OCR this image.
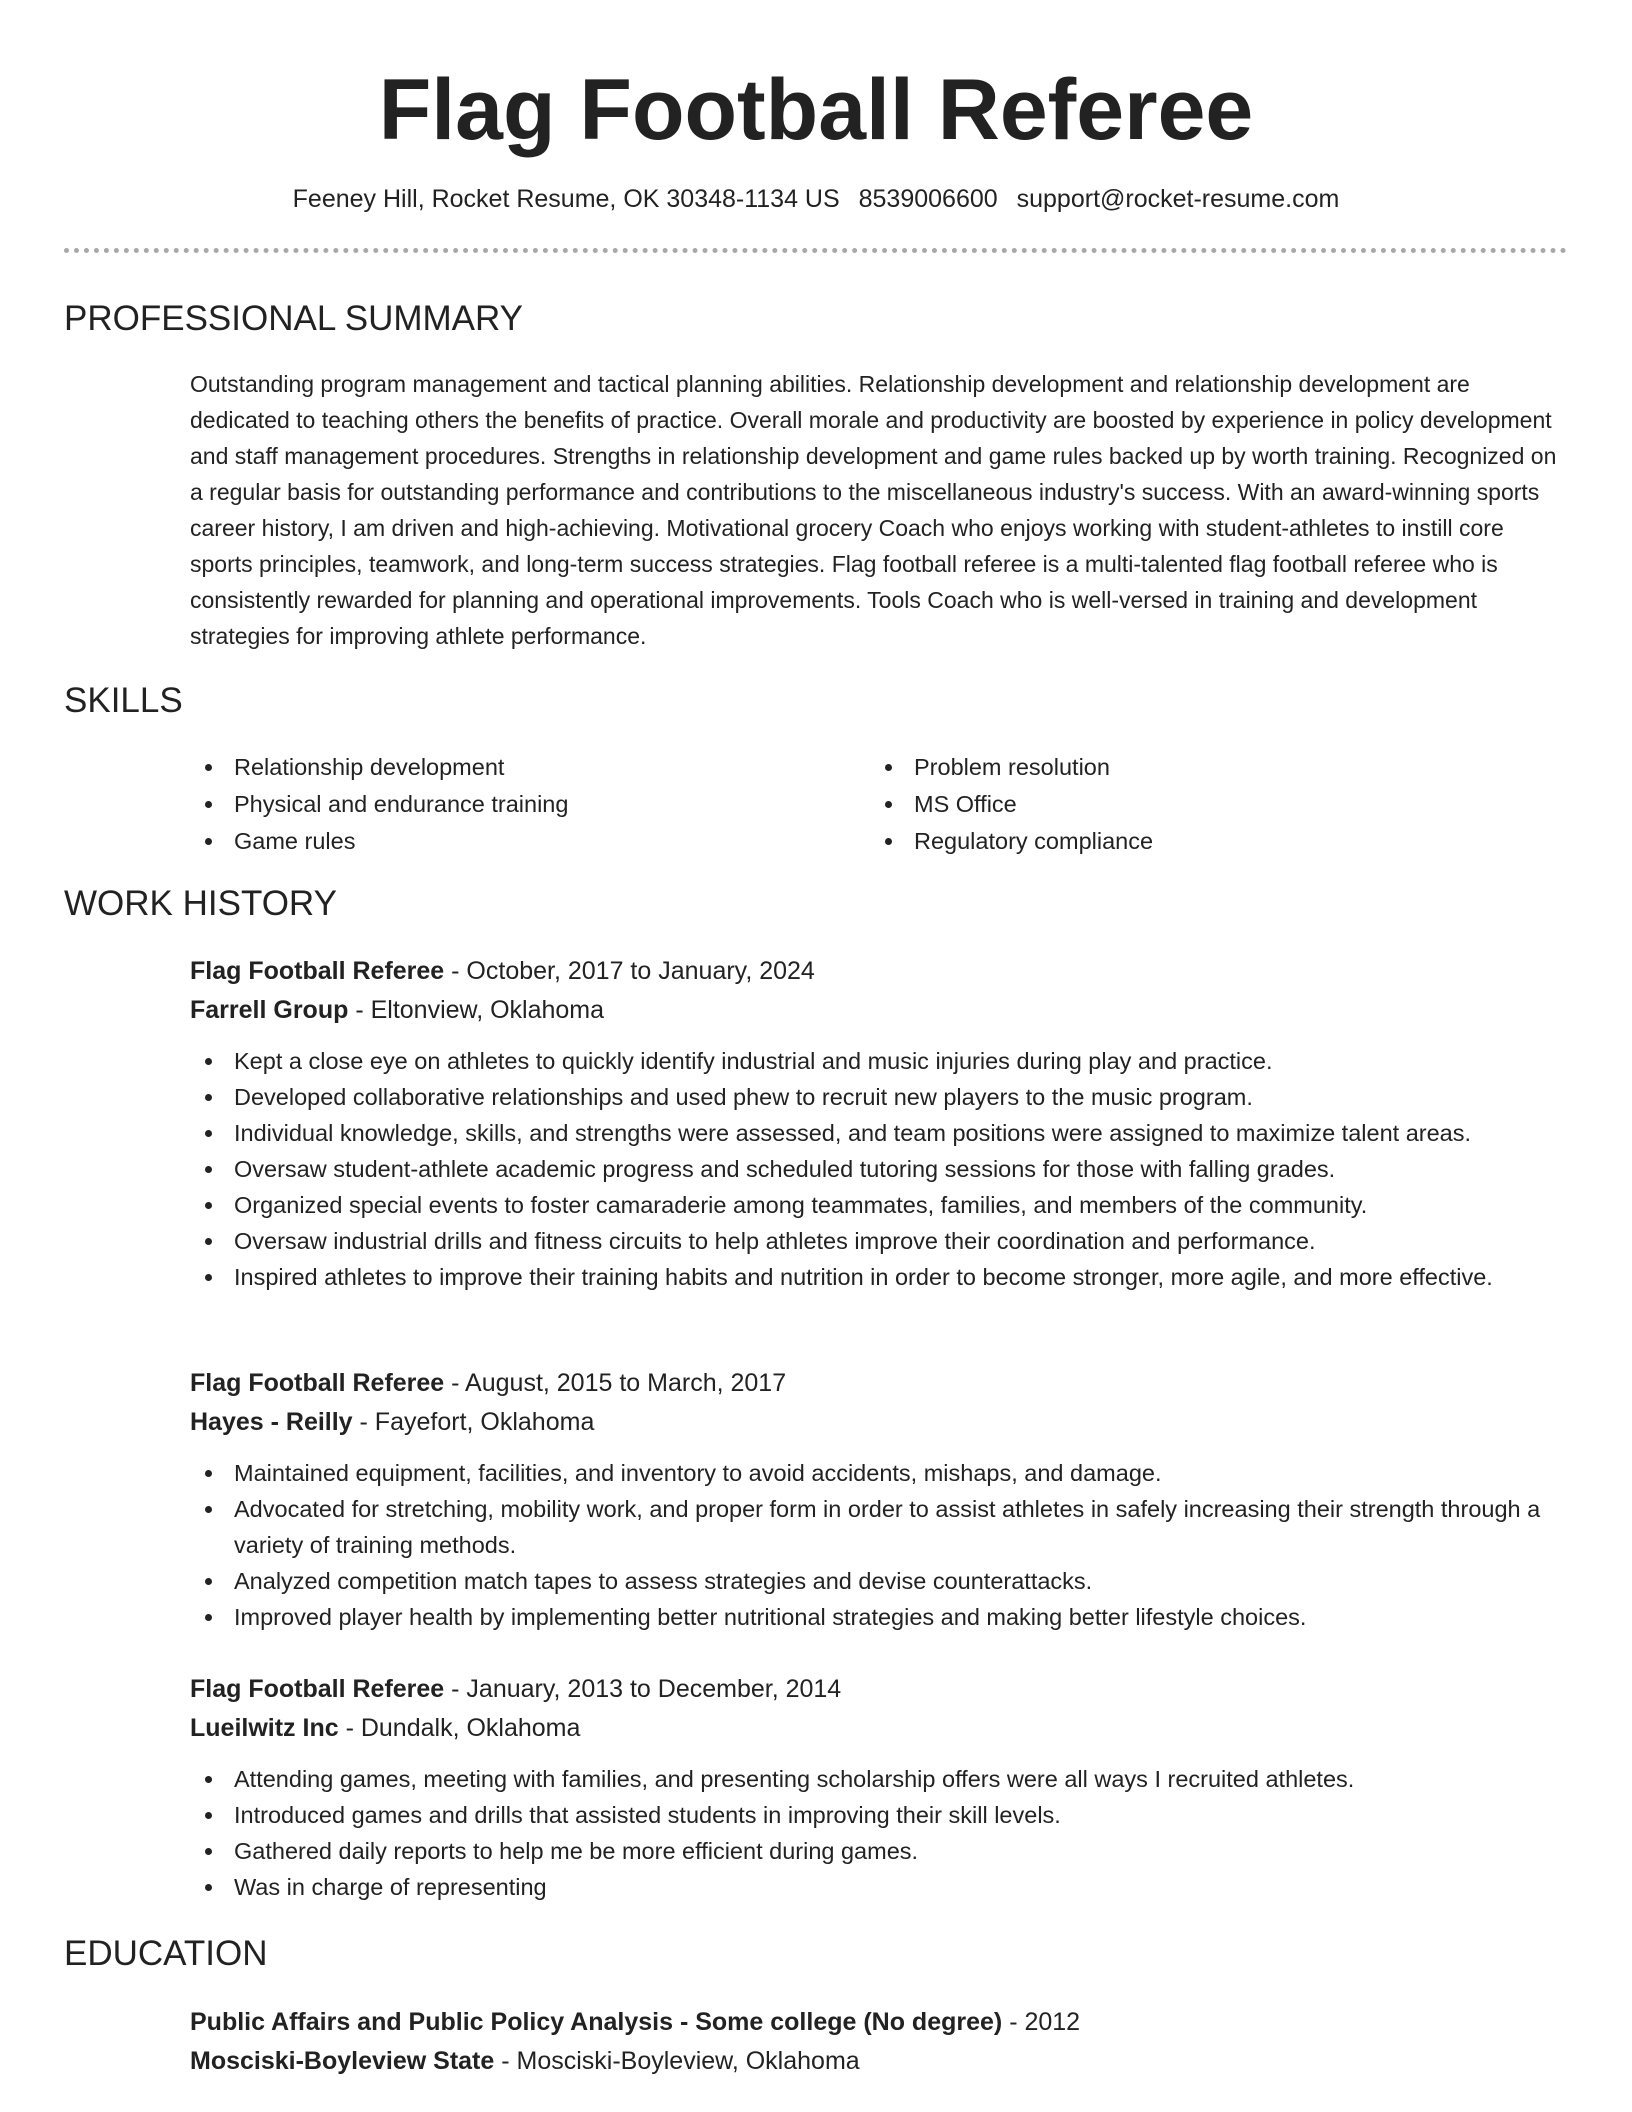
Flag Football Referee
Feeney Hill, Rocket Resume, OK 30348-1134 US 8539006600 support@rocket-resume.com
PROFESSIONAL SUMMARY
Outstanding program management and tactical planning abilities. Relationship development and relationship development are dedicated to teaching others the benefits of practice. Overall morale and productivity are boosted by experience in policy development and staff management procedures. Strengths in relationship development and game rules backed up by worth training. Recognized on a regular basis for outstanding performance and contributions to the miscellaneous industry's success. With an award-winning sports career history, I am driven and high-achieving. Motivational grocery Coach who enjoys working with student-athletes to instill core sports principles, teamwork, and long-term success strategies. Flag football referee is a multi-talented flag football referee who is consistently rewarded for planning and operational improvements. Tools Coach who is well-versed in training and development strategies for improving athlete performance.
SKILLS
Relationship development
Physical and endurance training
Game rules
Problem resolution
MS Office
Regulatory compliance
WORK HISTORY
Flag Football Referee - October, 2017 to January, 2024
Farrell Group - Eltonview, Oklahoma
Kept a close eye on athletes to quickly identify industrial and music injuries during play and practice.
Developed collaborative relationships and used phew to recruit new players to the music program.
Individual knowledge, skills, and strengths were assessed, and team positions were assigned to maximize talent areas.
Oversaw student-athlete academic progress and scheduled tutoring sessions for those with falling grades.
Organized special events to foster camaraderie among teammates, families, and members of the community.
Oversaw industrial drills and fitness circuits to help athletes improve their coordination and performance.
Inspired athletes to improve their training habits and nutrition in order to become stronger, more agile, and more effective.
Flag Football Referee - August, 2015 to March, 2017
Hayes - Reilly - Fayefort, Oklahoma
Maintained equipment, facilities, and inventory to avoid accidents, mishaps, and damage.
Advocated for stretching, mobility work, and proper form in order to assist athletes in safely increasing their strength through a variety of training methods.
Analyzed competition match tapes to assess strategies and devise counterattacks.
Improved player health by implementing better nutritional strategies and making better lifestyle choices.
Flag Football Referee - January, 2013 to December, 2014
Lueilwitz Inc - Dundalk, Oklahoma
Attending games, meeting with families, and presenting scholarship offers were all ways I recruited athletes.
Introduced games and drills that assisted students in improving their skill levels.
Gathered daily reports to help me be more efficient during games.
Was in charge of representing
EDUCATION
Public Affairs and Public Policy Analysis - Some college (No degree) - 2012
Mosciski-Boyleview State - Mosciski-Boyleview, Oklahoma
